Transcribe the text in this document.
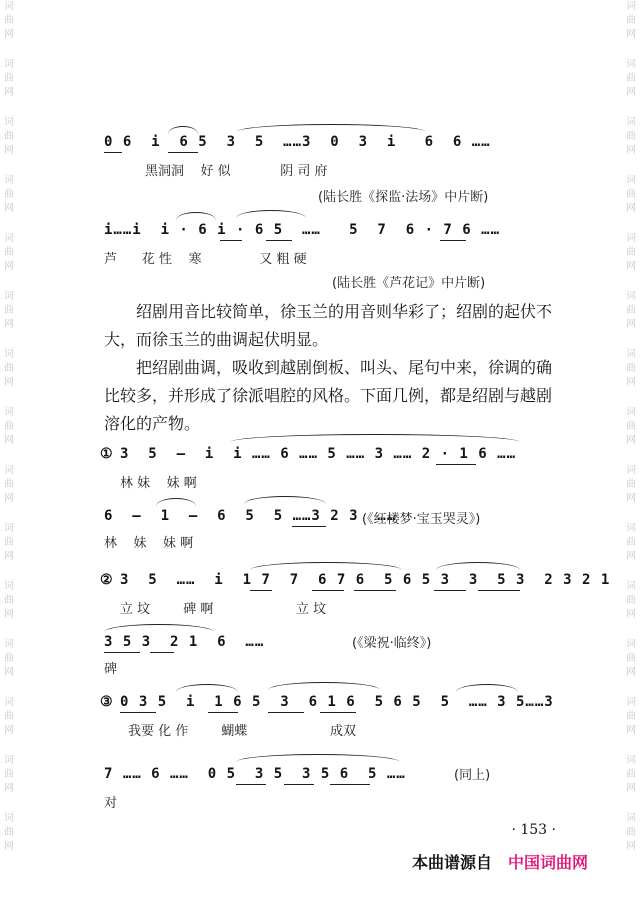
词
曲
网
词
曲
网
词
曲
网
词
曲
网
词
曲
网
词
曲
网
词
曲
网
词
曲
网
词
曲
网
词
曲
网
词
曲
网
词
曲
网
词
曲
网
词
曲
网
词
曲
网
词
曲
网
词
曲
网
词
曲
网
词
曲
网
词
曲
网
词
曲
网
词
曲
网
词
曲
网
词
曲
网
词
曲
网
词
曲
网
词
曲
网
词
曲
网
词
曲
网
词
曲
网
0 6  i  6 5  3  5  ……3  0  3  i   6  6 ……
黑洞洞    好 似            阴 司 府
(陆长胜《探监·法场》中片断)
i……i  i · 6 i · 6 5  ……   5  7  6 · 7 6 ……
芦      花 性    寒              又 粗 硬
(陆长胜《芦花记》中片断)
绍剧用音比较简单，徐玉兰的用音则华彩了；绍剧的起伏不大，而徐玉兰的曲调起伏明显。
把绍剧曲调，吸收到越剧倒板、叫头、尾句中来，徐调的确比较多，并形成了徐派唱腔的风格。下面几例，都是绍剧与越剧溶化的产物。
① 3  5  –  i  i …… 6 …… 5 …… 3 …… 2 · 1 6 ……
林 妹    妹 啊
6  –  1  –  6  5  5 ……3 2 3  ……
(《红楼梦·宝玉哭灵》)
林    妹    妹 啊
② 3  5  ……  i  1 7  7  6 7 6  5 6 5 3  3  5 3  2 3 2 1
立 坟        碑 啊                    立 坟
3 5 3  2 1  6  ……	(《梁祝·临终》)
碑
③ 0 3 5  i  1 6 5  3  6 1 6  5 6 5  5  …… 3 5……3
我要 化 作        蝴蝶                    成双
7 …… 6 ……  0 5  3 5  3 5 6  5 ……	(同上)
对
· 153 ·
本曲谱源自 中国词曲网
